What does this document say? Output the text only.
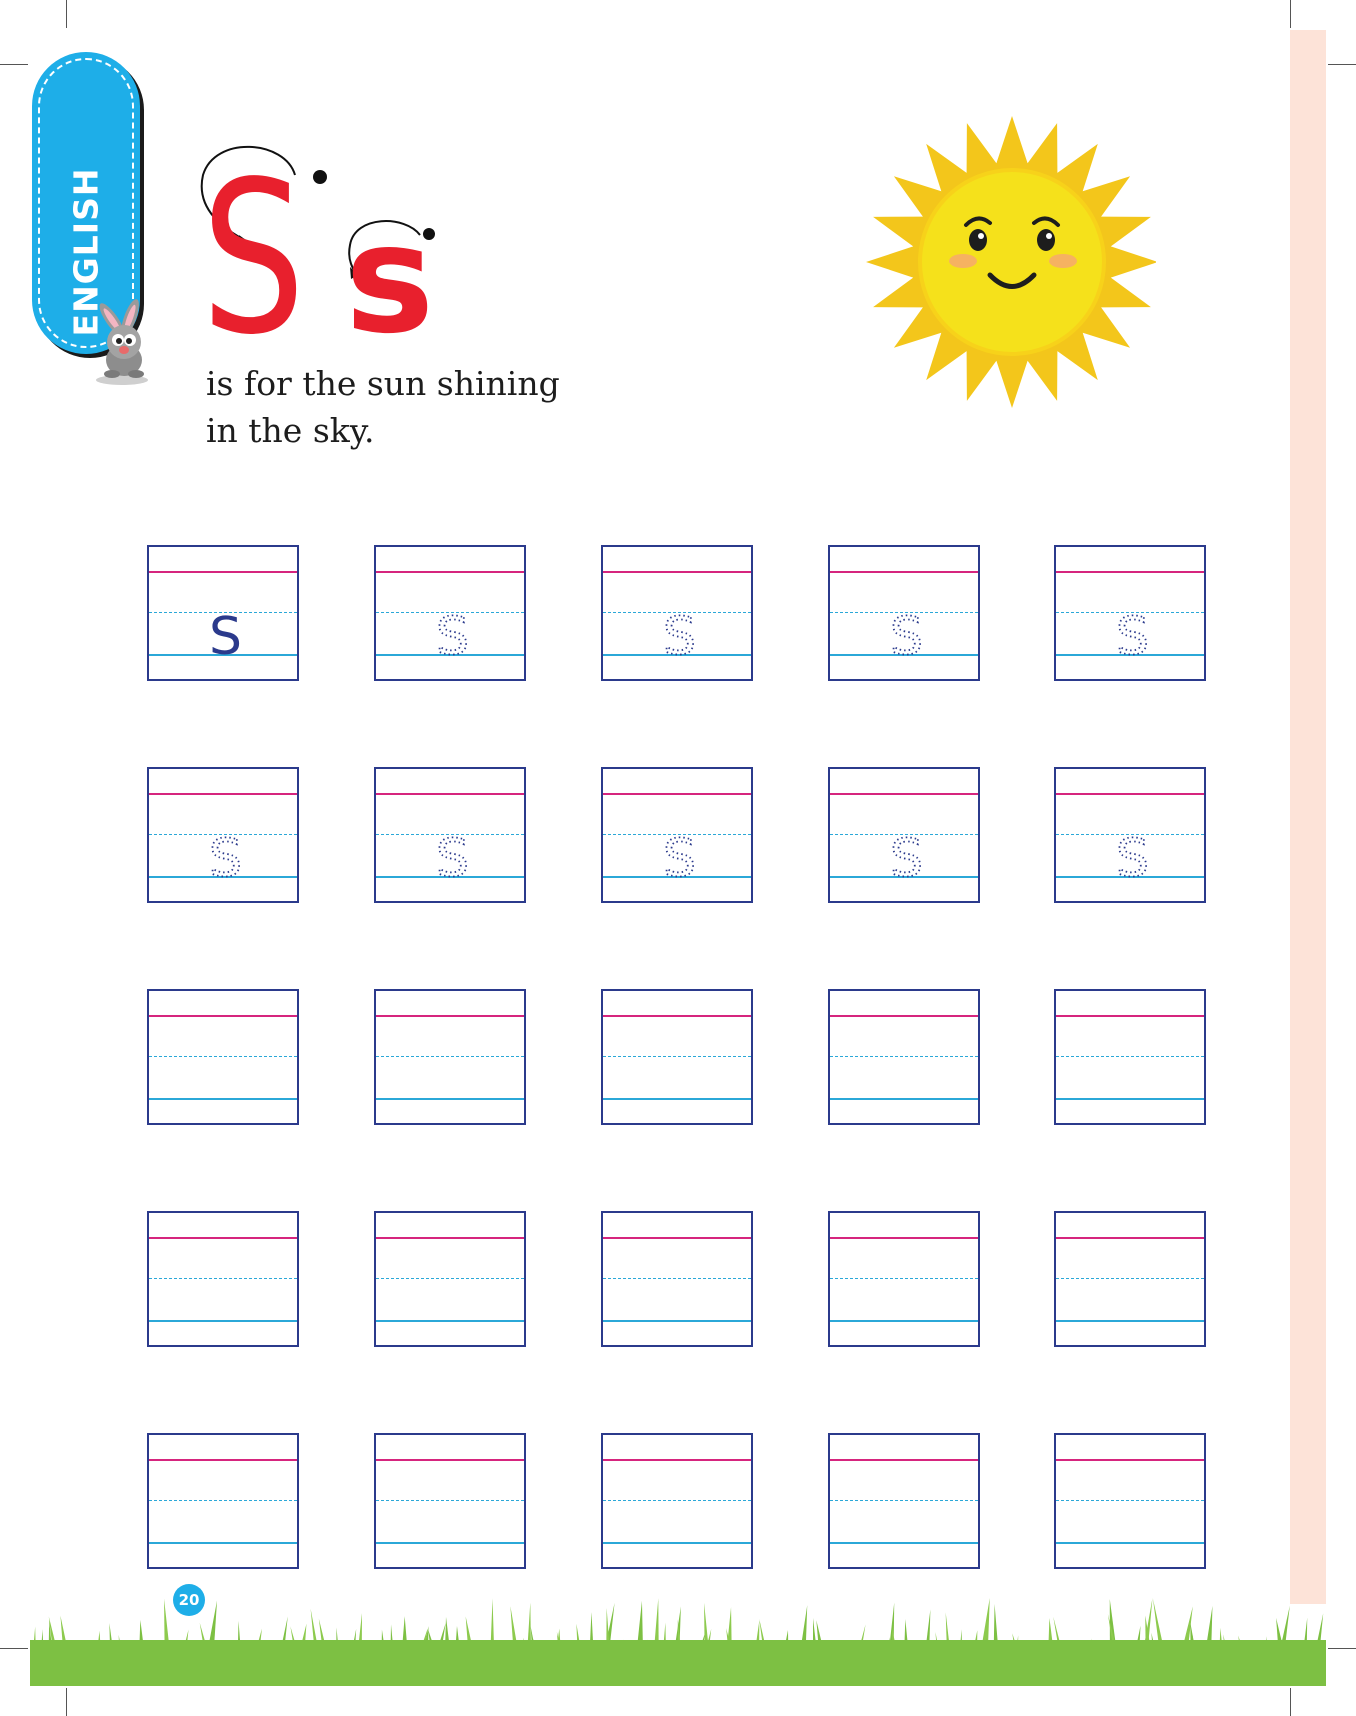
ENGLISH S s

is for the sun shining
in the sky.

S	S	S	S	S
S	S	S	S	S
20
